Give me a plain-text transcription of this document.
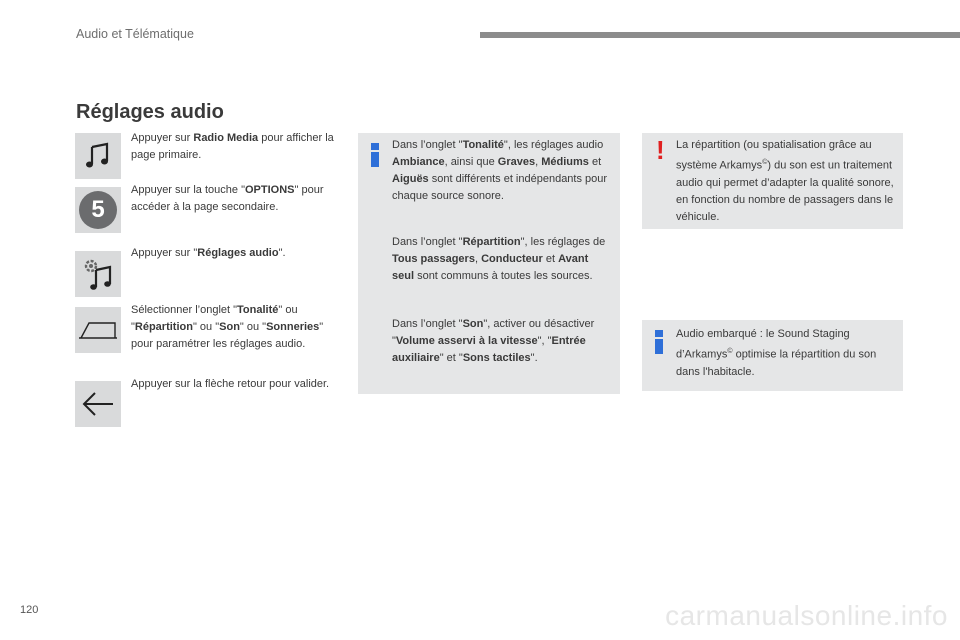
Audio et Télématique
Réglages audio
Appuyer sur Radio Media pour afficher la page primaire.
5
Appuyer sur la touche "OPTIONS" pour accéder à la page secondaire.
Appuyer sur "Réglages audio".
Sélectionner l’onglet "Tonalité" ou "Répartition" ou "Son" ou "Sonneries" pour paramétrer les réglages audio.
Appuyer sur la flèche retour pour valider.
Dans l’onglet "Tonalité", les réglages audio Ambiance, ainsi que Graves, Médiums et Aiguës sont différents et indépendants pour chaque source sonore.
Dans l’onglet "Répartition", les réglages de Tous passagers, Conducteur et Avant seul sont communs à toutes les sources.
Dans l’onglet "Son", activer ou désactiver "Volume asservi à la vitesse", "Entrée auxiliaire" et "Sons tactiles".
! La répartition (ou spatialisation grâce au système Arkamys©) du son est un traitement audio qui permet d’adapter la qualité sonore, en fonction du nombre de passagers dans le véhicule.
Audio embarqué : le Sound Staging d’Arkamys© optimise la répartition du son dans l'habitacle.
120	carmanualsonline.info
